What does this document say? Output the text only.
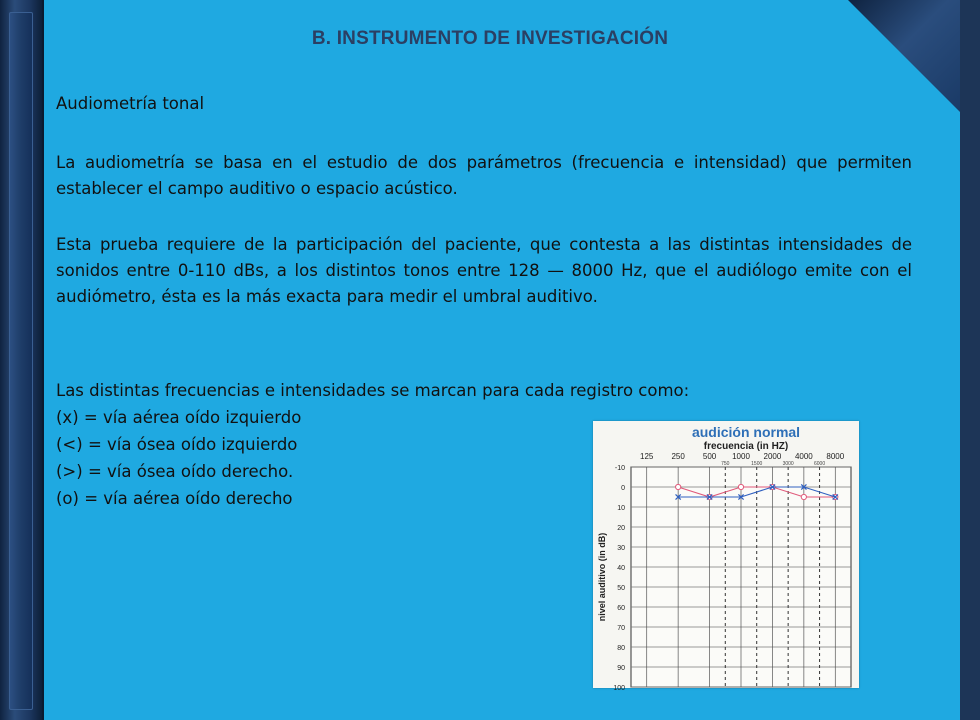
B. INSTRUMENTO DE INVESTIGACIÓN
Audiometría tonal
La audiometría se basa en el estudio de dos parámetros (frecuencia e intensidad) que permiten establecer el campo auditivo o espacio acústico.
Esta prueba requiere de la participación del paciente, que contesta a las distintas intensidades de sonidos entre 0-110 dBs, a los distintos tonos entre 128 — 8000 Hz, que el audiólogo emite con el audiómetro, ésta es la más exacta para medir el umbral auditivo.
Las distintas frecuencias e intensidades se marcan para cada registro como:
(x) = vía aérea oído izquierdo
(<) = vía ósea oído izquierdo
(>) = vía ósea oído derecho.
(o) = vía aérea oído derecho
audición normal
frecuencia (in HZ)
125 250 500 1000 2000 4000 8000
750	1500	3000	6000
-10
0
10
20
30
40
50
60
70
80
90
100
nivel auditivo (in dB)
